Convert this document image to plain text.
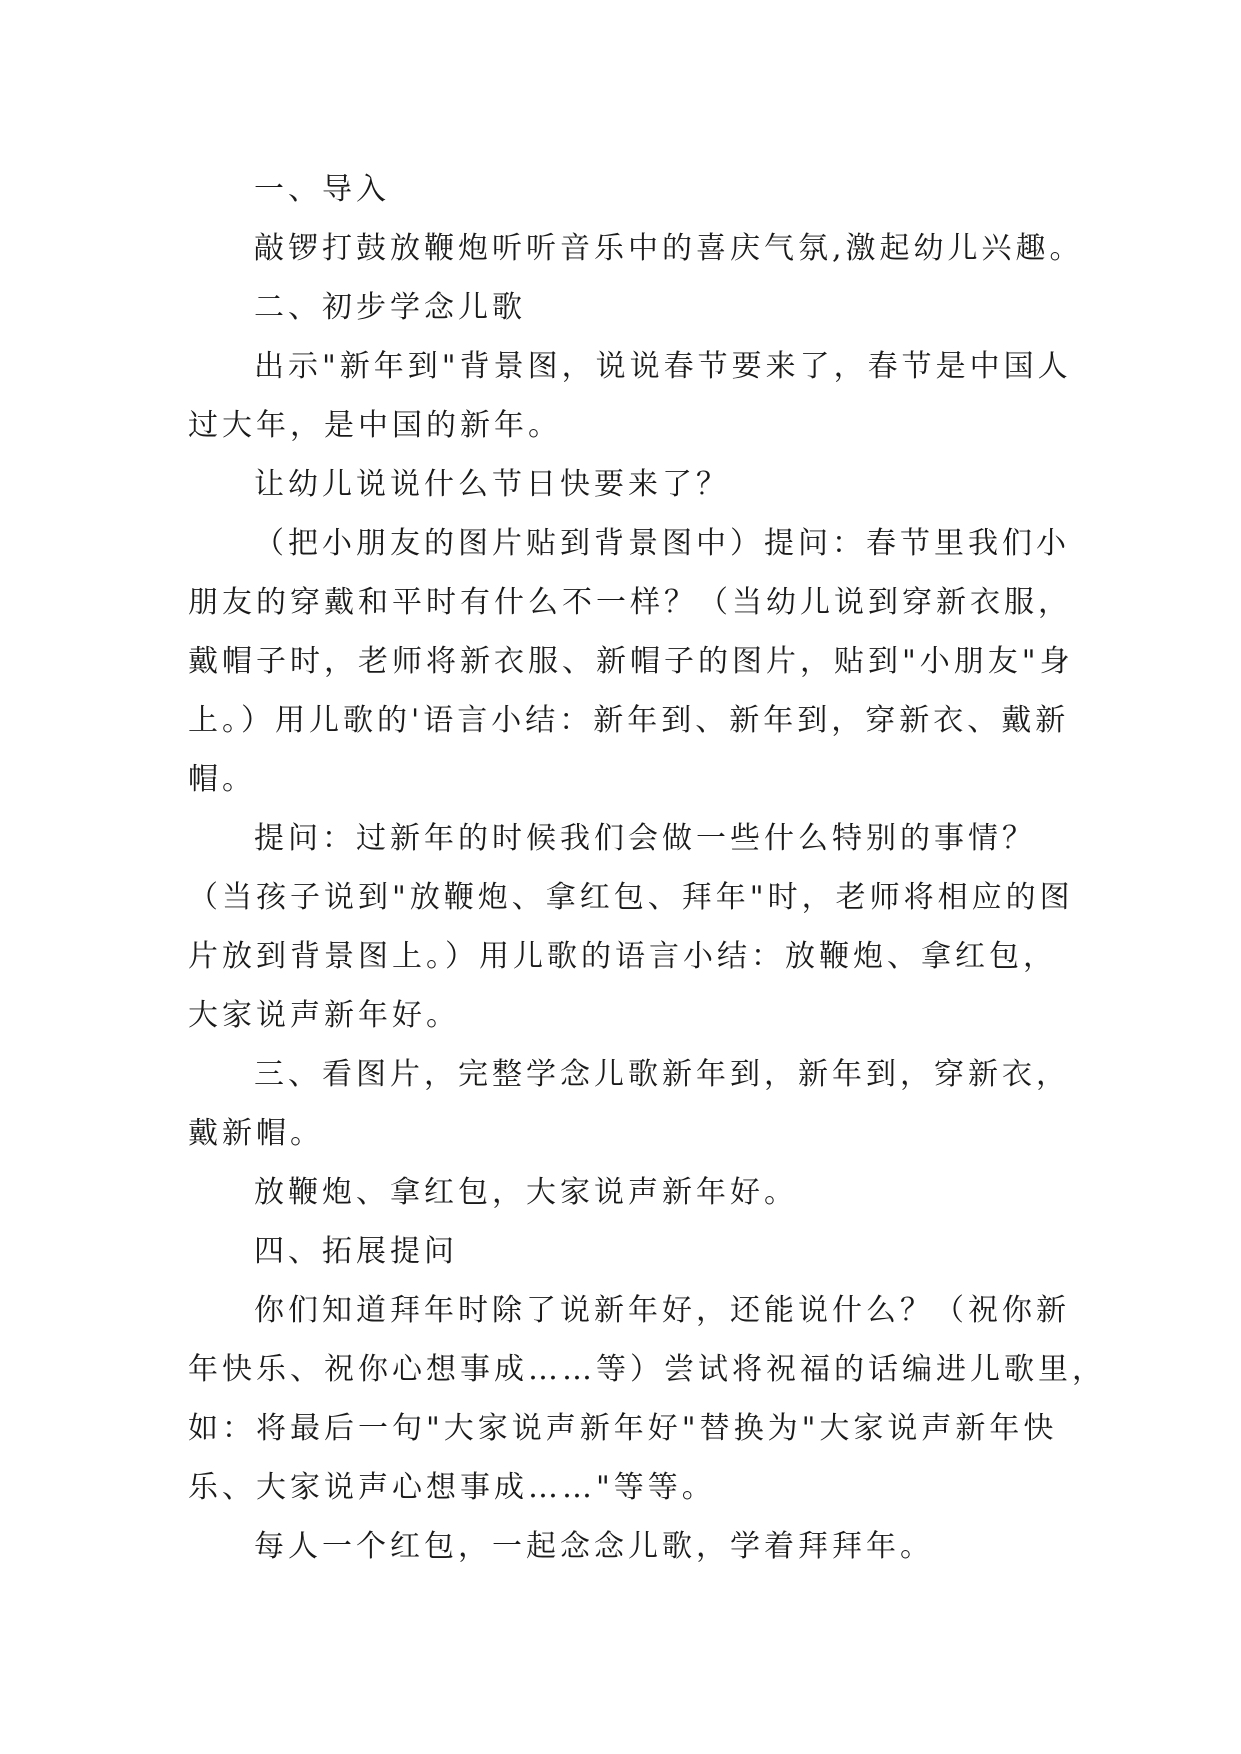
一、导入
敲锣打鼓放鞭炮听听音乐中的喜庆气氛,激起幼儿兴趣。
二、初步学念儿歌
出示"新年到"背景图，说说春节要来了，春节是中国人
过大年，是中国的新年。
让幼儿说说什么节日快要来了？
（把小朋友的图片贴到背景图中）提问：春节里我们小
朋友的穿戴和平时有什么不一样？（当幼儿说到穿新衣服，
戴帽子时，老师将新衣服、新帽子的图片，贴到"小朋友"身
上。）用儿歌的'语言小结：新年到、新年到，穿新衣、戴新
帽。
提问：过新年的时候我们会做一些什么特别的事情？
（当孩子说到"放鞭炮、拿红包、拜年"时，老师将相应的图
片放到背景图上。）用儿歌的语言小结：放鞭炮、拿红包，
大家说声新年好。
三、看图片，完整学念儿歌新年到，新年到，穿新衣，
戴新帽。
放鞭炮、拿红包，大家说声新年好。
四、拓展提问
你们知道拜年时除了说新年好，还能说什么？（祝你新
年快乐、祝你心想事成……等）尝试将祝福的话编进儿歌里，
如：将最后一句"大家说声新年好"替换为"大家说声新年快
乐、大家说声心想事成……"等等。
每人一个红包，一起念念儿歌，学着拜拜年。
